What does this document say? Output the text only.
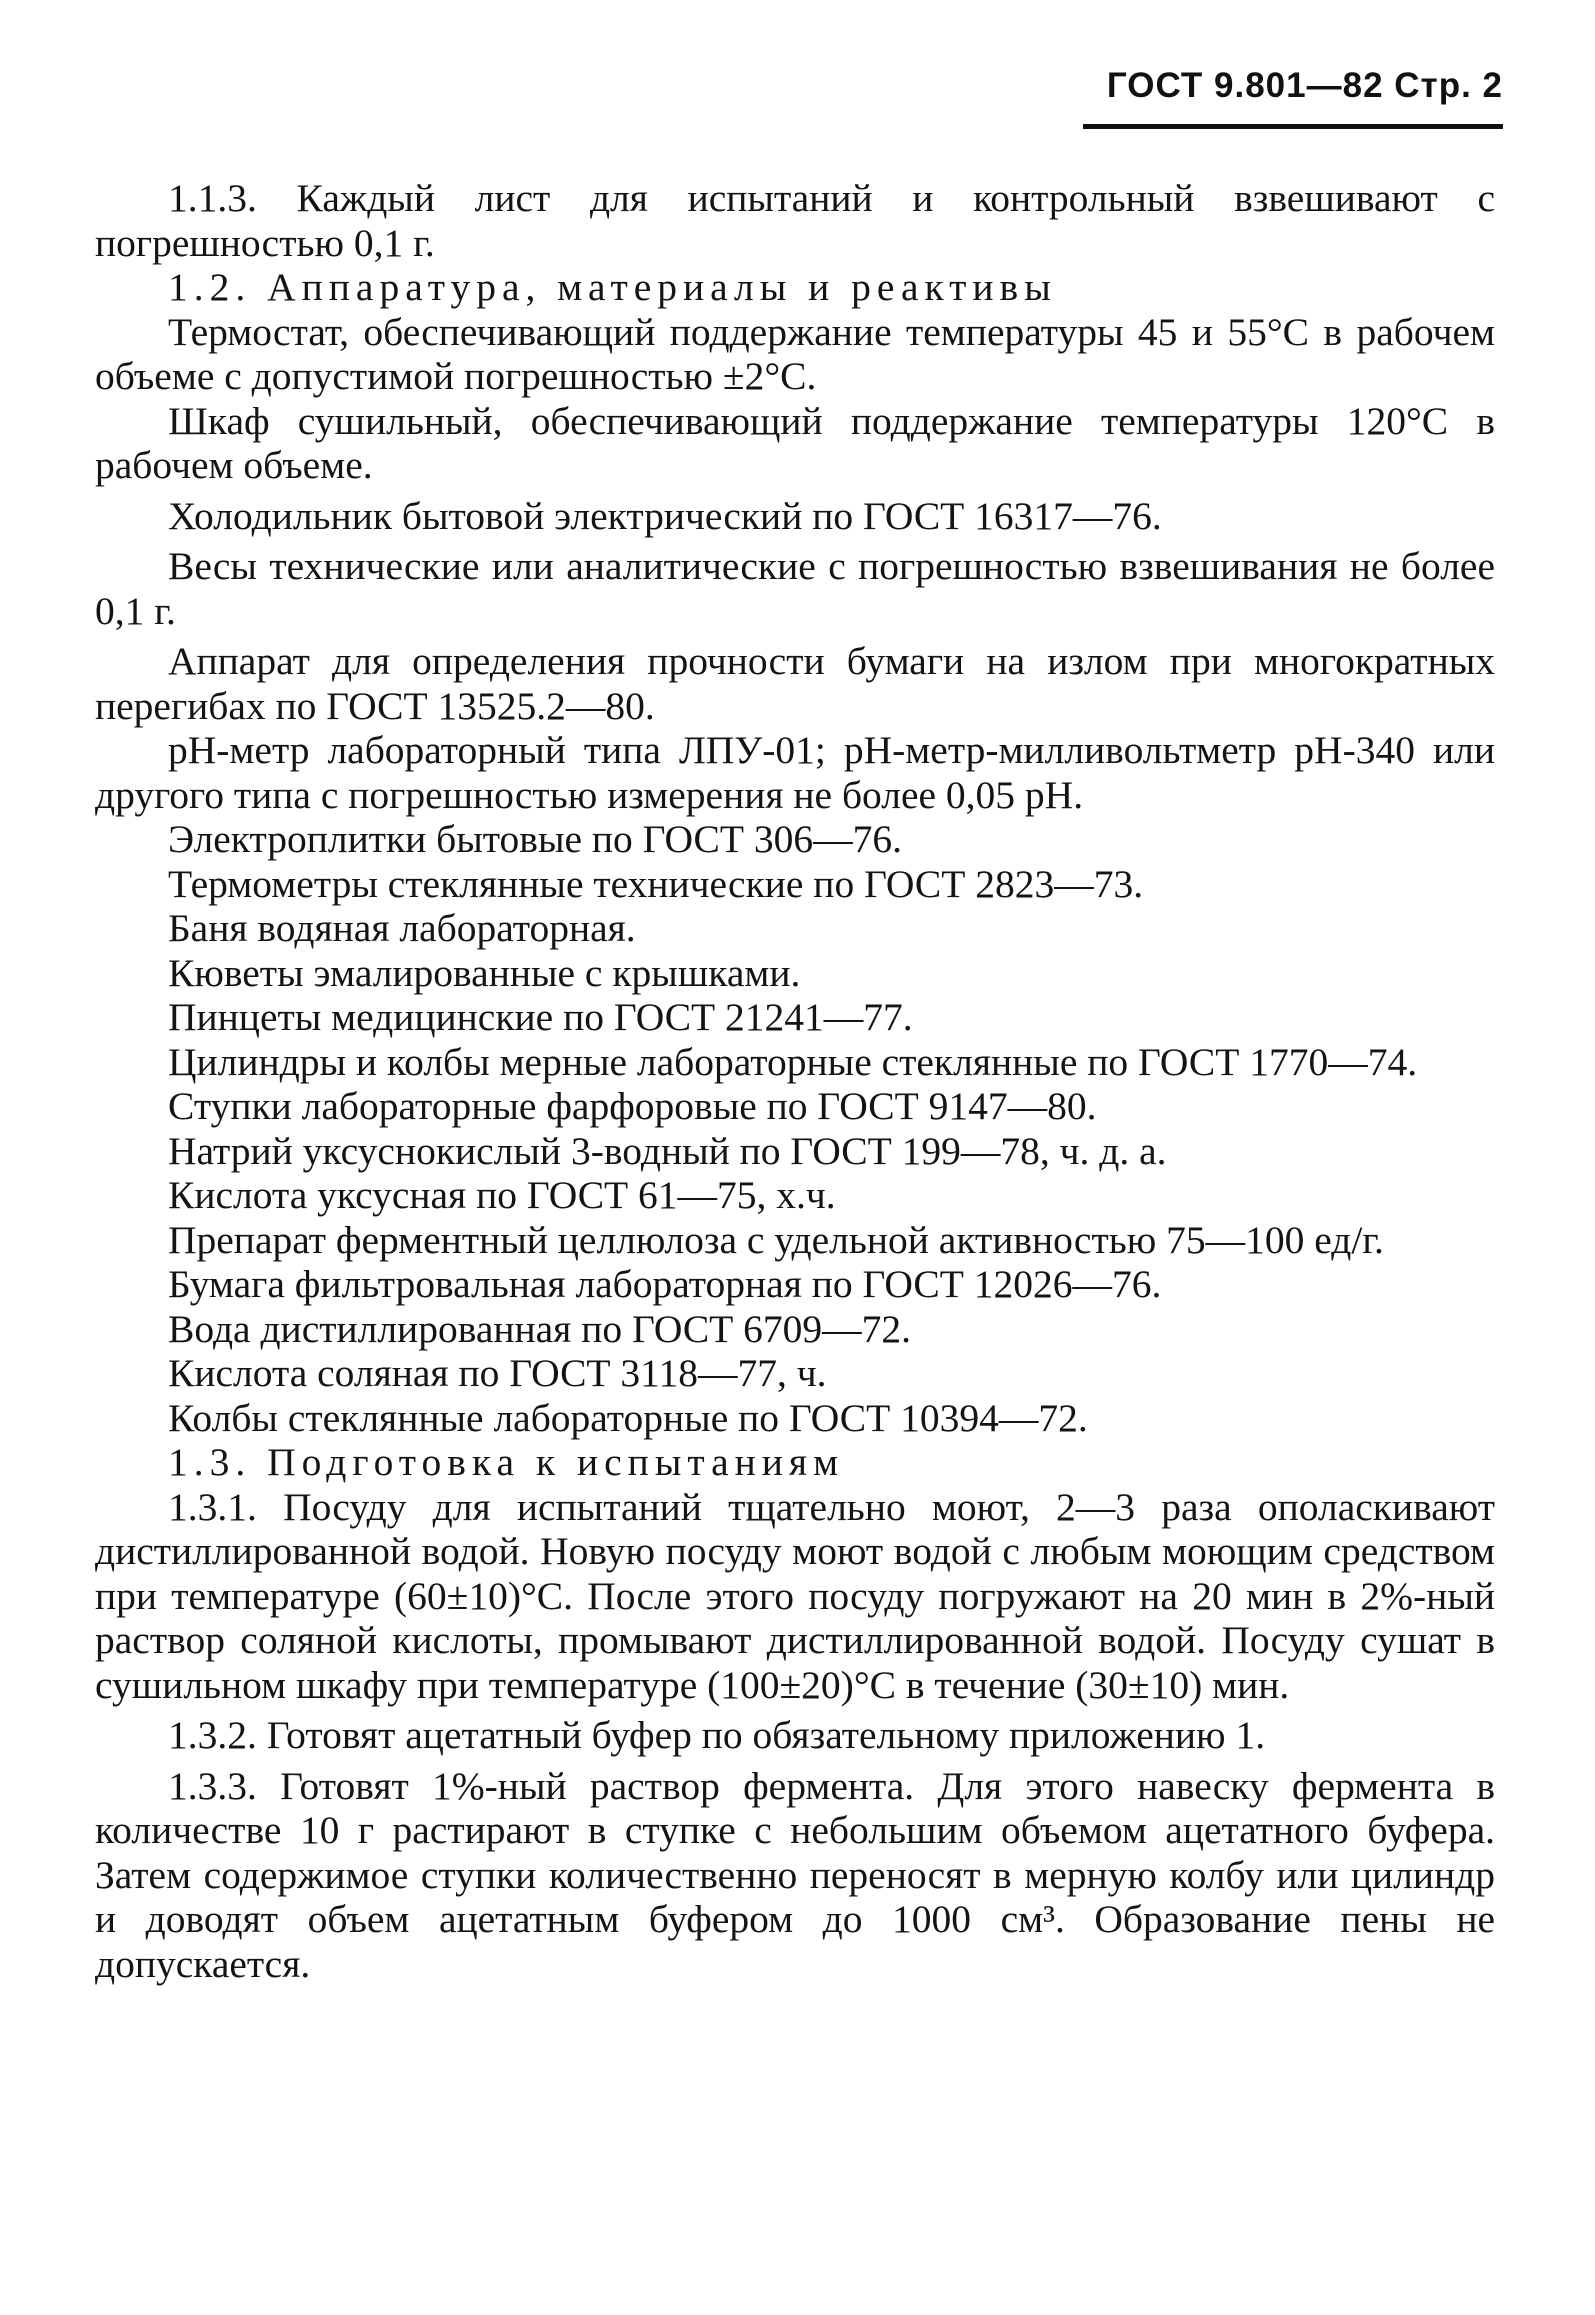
ГОСТ 9.801—82 Стр. 2

1.1.3. Каждый лист для испытаний и контрольный взвешивают с погрешностью 0,1 г.

1.2. Аппаратура, материалы и реактивы

Термостат, обеспечивающий поддержание температуры 45 и 55°С в рабочем объеме с допустимой погрешностью ±2°С.

Шкаф сушильный, обеспечивающий поддержание температуры 120°С в рабочем объеме.

Холодильник бытовой электрический по ГОСТ 16317—76.

Весы технические или аналитические с погрешностью взвешивания не более 0,1 г.

Аппарат для определения прочности бумаги на излом при многократных перегибах по ГОСТ 13525.2—80.

рН-метр лабораторный типа ЛПУ-01; рН-метр-милливольтметр рН-340 или другого типа с погрешностью измерения не более 0,05 рН.

Электроплитки бытовые по ГОСТ 306—76.

Термометры стеклянные технические по ГОСТ 2823—73.

Баня водяная лабораторная.

Кюветы эмалированные с крышками.

Пинцеты медицинские по ГОСТ 21241—77.

Цилиндры и колбы мерные лабораторные стеклянные по ГОСТ 1770—74.

Ступки лабораторные фарфоровые по ГОСТ 9147—80.

Натрий уксуснокислый 3-водный по ГОСТ 199—78, ч. д. а.

Кислота уксусная по ГОСТ 61—75, х.ч.

Препарат ферментный целлюлоза с удельной активностью 75—100 ед/г.

Бумага фильтровальная лабораторная по ГОСТ 12026—76.

Вода дистиллированная по ГОСТ 6709—72.

Кислота соляная по ГОСТ 3118—77, ч.

Колбы стеклянные лабораторные по ГОСТ 10394—72.

1.3. Подготовка к испытаниям

1.3.1. Посуду для испытаний тщательно моют, 2—3 раза ополаскивают дистиллированной водой. Новую посуду моют водой с любым моющим средством при температуре (60±10)°С. После этого посуду погружают на 20 мин в 2%-ный раствор соляной кислоты, промывают дистиллированной водой. Посуду сушат в сушильном шкафу при температуре (100±20)°С в течение (30±10) мин.

1.3.2. Готовят ацетатный буфер по обязательному приложению 1.

1.3.3. Готовят 1%-ный раствор фермента. Для этого навеску фермента в количестве 10 г растирают в ступке с небольшим объемом ацетатного буфера. Затем содержимое ступки количественно переносят в мерную колбу или цилиндр и доводят объем ацетатным буфером до 1000 см³. Образование пены не допускается.
